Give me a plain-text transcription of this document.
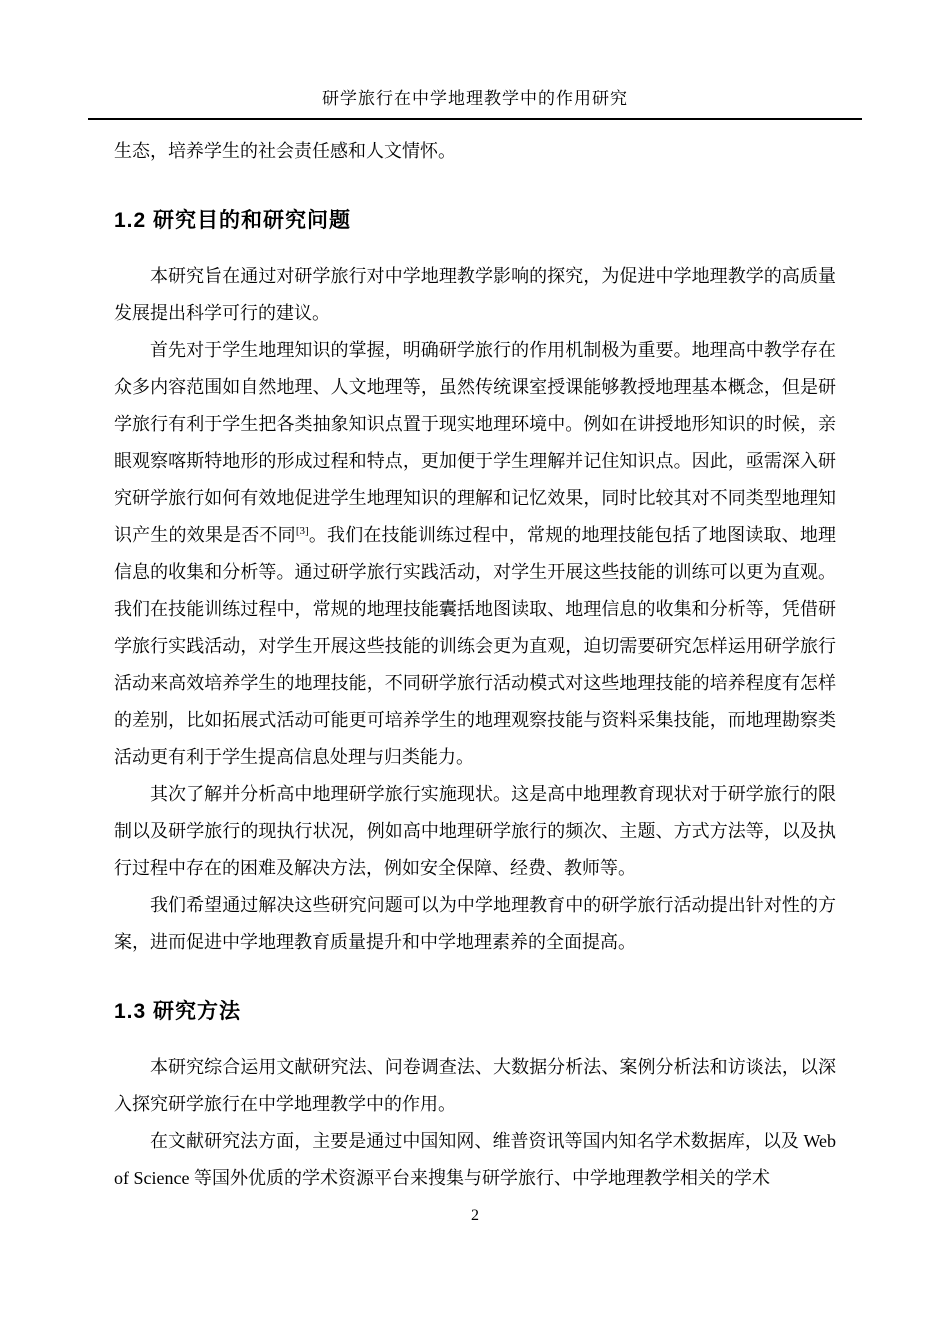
研学旅行在中学地理教学中的作用研究

生态，培养学生的社会责任感和人文情怀。

1.2 研究目的和研究问题

本研究旨在通过对研学旅行对中学地理教学影响的探究，为促进中学地理教学的高质量发展提出科学可行的建议。

首先对于学生地理知识的掌握，明确研学旅行的作用机制极为重要。地理高中教学存在众多内容范围如自然地理、人文地理等，虽然传统课室授课能够教授地理基本概念，但是研学旅行有利于学生把各类抽象知识点置于现实地理环境中。例如在讲授地形知识的时候，亲眼观察喀斯特地形的形成过程和特点，更加便于学生理解并记住知识点。因此，亟需深入研究研学旅行如何有效地促进学生地理知识的理解和记忆效果，同时比较其对不同类型地理知识产生的效果是否不同[3]。我们在技能训练过程中，常规的地理技能包括了地图读取、地理信息的收集和分析等。通过研学旅行实践活动，对学生开展这些技能的训练可以更为直观。我们在技能训练过程中，常规的地理技能囊括地图读取、地理信息的收集和分析等，凭借研学旅行实践活动，对学生开展这些技能的训练会更为直观，迫切需要研究怎样运用研学旅行活动来高效培养学生的地理技能，不同研学旅行活动模式对这些地理技能的培养程度有怎样的差别，比如拓展式活动可能更可培养学生的地理观察技能与资料采集技能，而地理勘察类活动更有利于学生提高信息处理与归类能力。

其次了解并分析高中地理研学旅行实施现状。这是高中地理教育现状对于研学旅行的限制以及研学旅行的现执行状况，例如高中地理研学旅行的频次、主题、方式方法等，以及执行过程中存在的困难及解决方法，例如安全保障、经费、教师等。

我们希望通过解决这些研究问题可以为中学地理教育中的研学旅行活动提出针对性的方案，进而促进中学地理教育质量提升和中学地理素养的全面提高。

1.3 研究方法

本研究综合运用文献研究法、问卷调查法、大数据分析法、案例分析法和访谈法，以深入探究研学旅行在中学地理教学中的作用。

在文献研究法方面，主要是通过中国知网、维普资讯等国内知名学术数据库，以及 Web of Science 等国外优质的学术资源平台来搜集与研学旅行、中学地理教学相关的学术

2
